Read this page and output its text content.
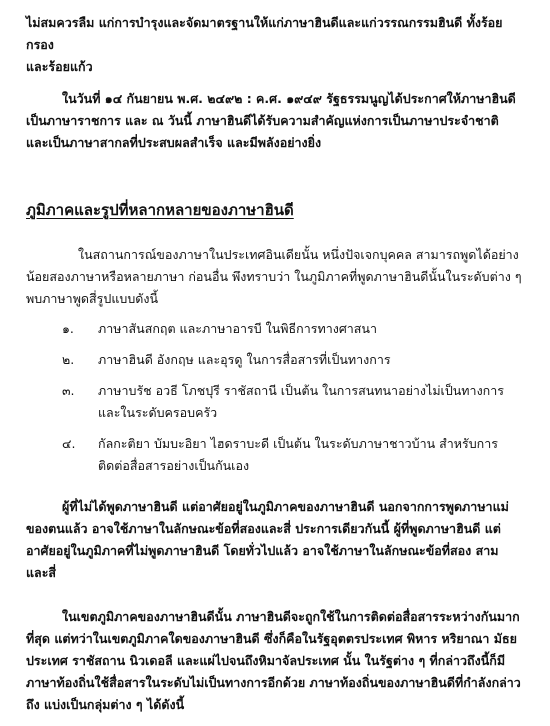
ไม่สมควรลืม แก่การบำรุงและจัดมาตรฐานให้แก่ภาษาฮินดีและแก่วรรณกรรมฮินดี ทั้งร้อยกรอง

และร้อยแก้ว

ในวันที่ ๑๔ กันยายน พ.ศ. ๒๔๙๒ : ค.ศ. ๑๙๔๙ รัฐธรรมนูญได้ประกาศให้ภาษาฮินดีเป็นภาษาราชการ และ ณ วันนี้ ภาษาฮินดีได้รับความสำคัญแห่งการเป็นภาษาประจำชาติ และเป็นภาษาสากลที่ประสบผลสำเร็จ และมีพลังอย่างยิ่ง

ภูมิภาคและรูปที่หลากหลายของภาษาฮินดี

ในสถานการณ์ของภาษาในประเทศอินเดียนั้น หนึ่งปัจเจกบุคคล สามารถพูดได้อย่างน้อยสองภาษาหรือหลายภาษา ก่อนอื่น พึงทราบว่า ในภูมิภาคที่พูดภาษาฮินดีนั้นในระดับต่าง ๆ พบภาษาพูดสี่รูปแบบดังนี้

๑.	ภาษาสันสกฤต และภาษาอารบี ในพิธีการทางศาสนา
๒.	ภาษาฮินดี อังกฤษ และอุรดู ในการสื่อสารที่เป็นทางการ
๓.	ภาษาบรัช อวธี โภชปุรี ราชัสถานี เป็นต้น ในการสนทนาอย่างไม่เป็นทางการ และในระดับครอบครัว
๔.	กัลกะติยา บัมบะอิยา ไฮดราบะดี เป็นต้น ในระดับภาษาชาวบ้าน สำหรับการติดต่อสื่อสารอย่างเป็นกันเอง

ผู้ที่ไม่ได้พูดภาษาฮินดี แต่อาศัยอยู่ในภูมิภาคของภาษาฮินดี นอกจากการพูดภาษาแม่ของตนแล้ว อาจใช้ภาษาในลักษณะข้อที่สองและสี่ ประการเดียวกันนี้ ผู้ที่พูดภาษาฮินดี แต่อาศัยอยู่ในภูมิภาคที่ไม่พูดภาษาฮินดี โดยทั่วไปแล้ว อาจใช้ภาษาในลักษณะข้อที่สอง สาม และสี่

ในเขตภูมิภาคของภาษาฮินดีนั้น ภาษาฮินดีจะถูกใช้ในการติดต่อสื่อสารระหว่างกันมากที่สุด แต่ทว่าในเขตภูมิภาคใดของภาษาฮินดี ซึ่งก็คือในรัฐอุตตรประเทศ พิหาร หริยาณา มัธยประเทศ ราชัสถาน นิวเดอลี และแผ่ไปจนถึงหิมาจัลประเทศ นั้น ในรัฐต่าง ๆ ที่กล่าวถึงนี้ก็มีภาษาท้องถิ่นใช้สื่อสารในระดับไม่เป็นทางการอีกด้วย ภาษาท้องถิ่นของภาษาฮินดีที่กำลังกล่าวถึง แบ่งเป็นกลุ่มต่าง ๆ ได้ดังนี้
